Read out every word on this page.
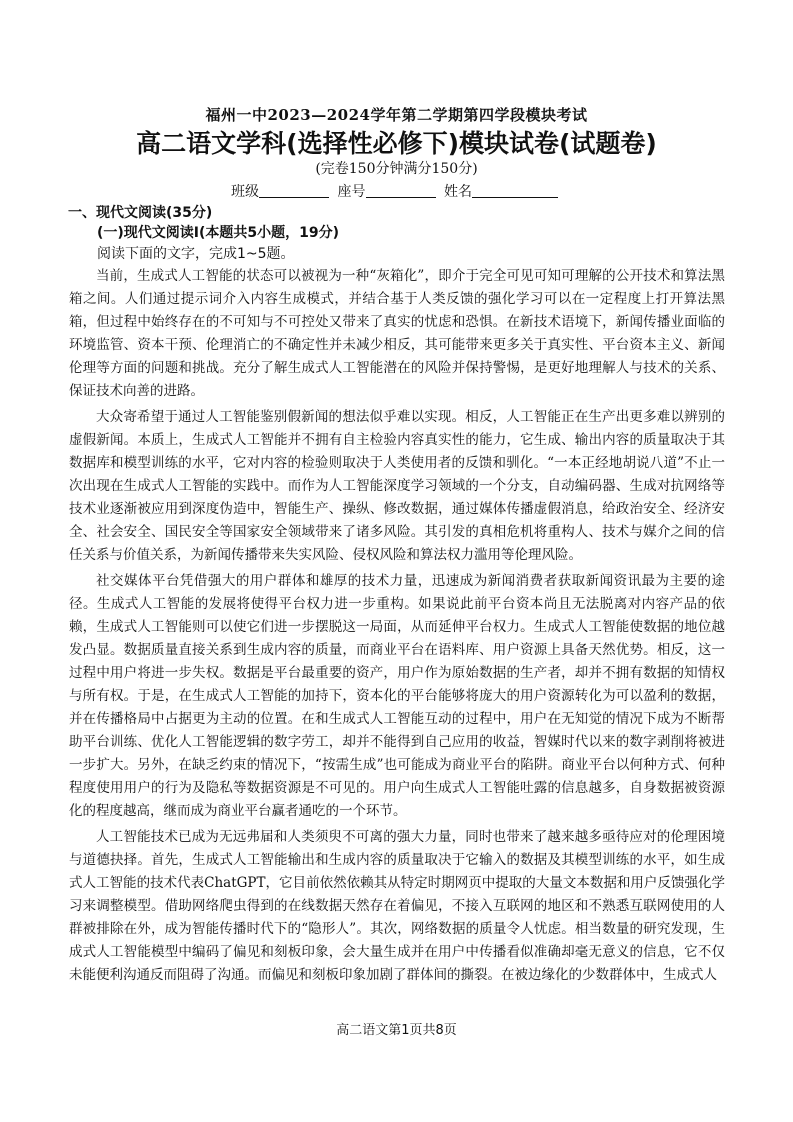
福州一中2023—2024学年第二学期第四学段模块考试
高二语文学科(选择性必修下)模块试卷(试题卷)
(完卷150分钟满分150分)
班级	座号	姓名
一、现代文阅读(35分)
(一)现代文阅读I(本题共5小题，19分)
阅读下面的文字，完成1~5题。

当前，生成式人工智能的状态可以被视为一种“灰箱化”，即介于完全可见可知可理解的公开技术和算法黑箱之间。人们通过提示词介入内容生成模式，并结合基于人类反馈的强化学习可以在一定程度上打开算法黑箱，但过程中始终存在的不可知与不可控处又带来了真实的忧虑和恐惧。在新技术语境下，新闻传播业面临的环境监管、资本干预、伦理消亡的不确定性并未减少相反，其可能带来更多关于真实性、平台资本主义、新闻伦理等方面的问题和挑战。充分了解生成式人工智能潜在的风险并保持警惕，是更好地理解人与技术的关系、保证技术向善的进路。

大众寄希望于通过人工智能鉴别假新闻的想法似乎难以实现。相反，人工智能正在生产出更多难以辨别的虚假新闻。本质上，生成式人工智能并不拥有自主检验内容真实性的能力，它生成、输出内容的质量取决于其数据库和模型训练的水平，它对内容的检验则取决于人类使用者的反馈和驯化。“一本正经地胡说八道”不止一次出现在生成式人工智能的实践中。而作为人工智能深度学习领域的一个分支，自动编码器、生成对抗网络等技术业逐渐被应用到深度伪造中，智能生产、操纵、修改数据，通过媒体传播虚假消息，给政治安全、经济安全、社会安全、国民安全等国家安全领域带来了诸多风险。其引发的真相危机将重构人、技术与媒介之间的信任关系与价值关系，为新闻传播带来失实风险、侵权风险和算法权力滥用等伦理风险。

社交媒体平台凭借强大的用户群体和雄厚的技术力量，迅速成为新闻消费者获取新闻资讯最为主要的途径。生成式人工智能的发展将使得平台权力进一步重构。如果说此前平台资本尚且无法脱离对内容产品的依赖，生成式人工智能则可以使它们进一步摆脱这一局面，从而延伸平台权力。生成式人工智能使数据的地位越发凸显。数据质量直接关系到生成内容的质量，而商业平台在语料库、用户资源上具备天然优势。相反，这一过程中用户将进一步失权。数据是平台最重要的资产，用户作为原始数据的生产者，却并不拥有数据的知情权与所有权。于是，在生成式人工智能的加持下，资本化的平台能够将庞大的用户资源转化为可以盈利的数据，并在传播格局中占据更为主动的位置。在和生成式人工智能互动的过程中，用户在无知觉的情况下成为不断帮助平台训练、优化人工智能逻辑的数字劳工，却并不能得到自己应用的收益，智媒时代以来的数字剥削将被进一步扩大。另外，在缺乏约束的情况下，“按需生成”也可能成为商业平台的陷阱。商业平台以何种方式、何种程度使用用户的行为及隐私等数据资源是不可见的。用户向生成式人工智能吐露的信息越多，自身数据被资源化的程度越高，继而成为商业平台赢者通吃的一个环节。

人工智能技术已成为无远弗届和人类须臾不可离的强大力量，同时也带来了越来越多亟待应对的伦理困境与道德抉择。首先，生成式人工智能输出和生成内容的质量取决于它输入的数据及其模型训练的水平，如生成式人工智能的技术代表ChatGPT，它目前依然依赖其从特定时期网页中提取的大量文本数据和用户反馈强化学习来调整模型。借助网络爬虫得到的在线数据天然存在着偏见，不接入互联网的地区和不熟悉互联网使用的人群被排除在外，成为智能传播时代下的“隐形人”。其次，网络数据的质量令人忧虑。相当数量的研究发现，生成式人工智能模型中编码了偏见和刻板印象，会大量生成并在用户中传播看似准确却毫无意义的信息，它不仅未能便利沟通反而阻碍了沟通。而偏见和刻板印象加剧了群体间的撕裂。在被边缘化的少数群体中，生成式人

高二语文第1页共8页
